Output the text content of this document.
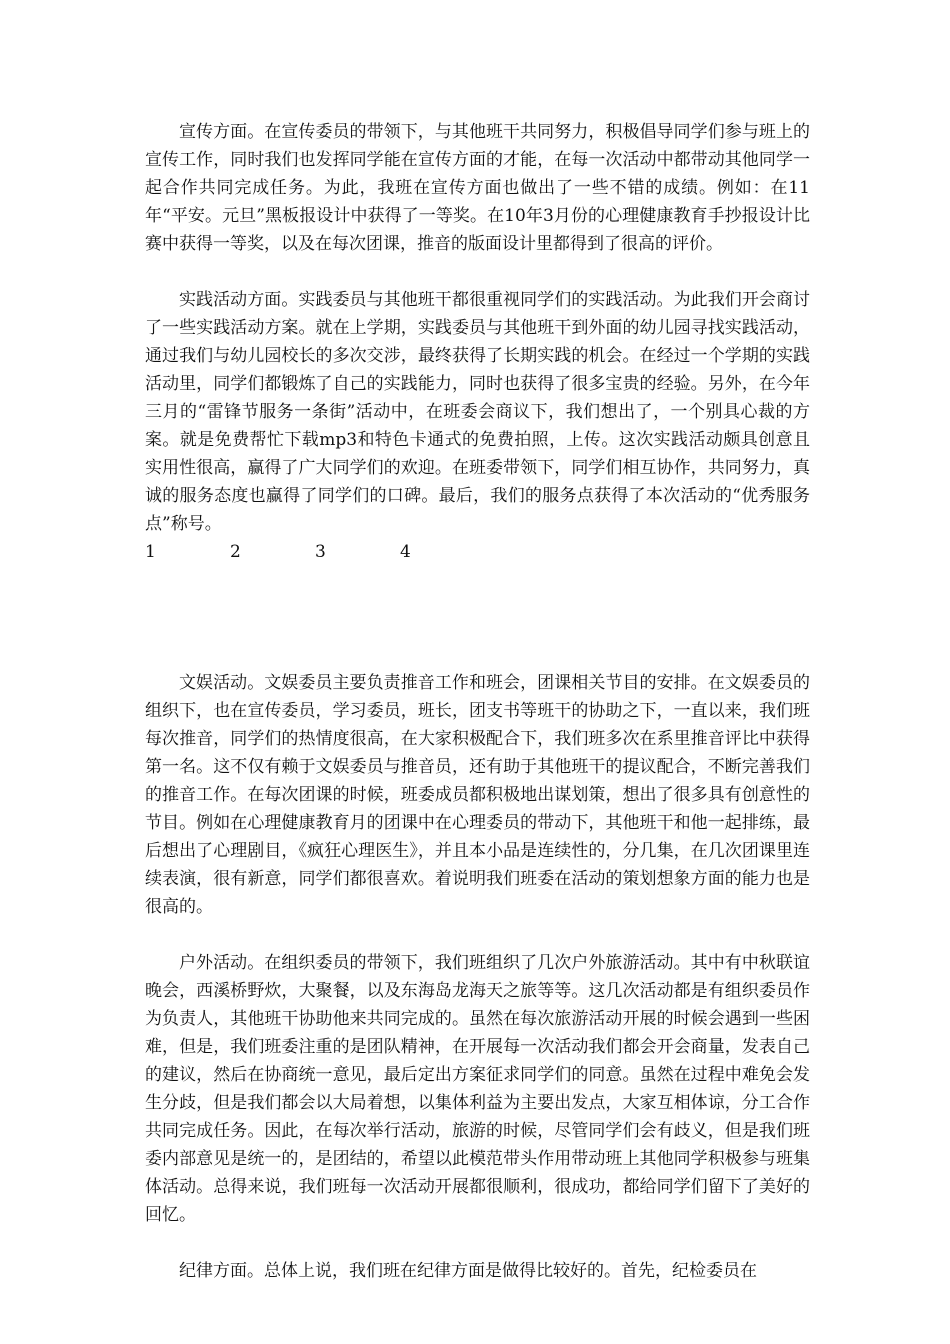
宣传方面。在宣传委员的带领下，与其他班干共同努力，积极倡导同学们参与班上的宣传工作，同时我们也发挥同学能在宣传方面的才能，在每一次活动中都带动其他同学一起合作共同完成任务。为此，我班在宣传方面也做出了一些不错的成绩。例如：在11年“平安。元旦”黑板报设计中获得了一等奖。在10年3月份的心理健康教育手抄报设计比赛中获得一等奖，以及在每次团课，推音的版面设计里都得到了很高的评价。

实践活动方面。实践委员与其他班干都很重视同学们的实践活动。为此我们开会商讨了一些实践活动方案。就在上学期，实践委员与其他班干到外面的幼儿园寻找实践活动，通过我们与幼儿园校长的多次交涉，最终获得了长期实践的机会。在经过一个学期的实践活动里，同学们都锻炼了自己的实践能力，同时也获得了很多宝贵的经验。另外，在今年三月的“雷锋节服务一条街”活动中，在班委会商议下，我们想出了，一个别具心裁的方案。就是免费帮忙下载mp3和特色卡通式的免费拍照，上传。这次实践活动颇具创意且实用性很高，赢得了广大同学们的欢迎。在班委带领下，同学们相互协作，共同努力，真诚的服务态度也赢得了同学们的口碑。最后，我们的服务点获得了本次活动的“优秀服务点”称号。

1	2	3	4

文娱活动。文娱委员主要负责推音工作和班会，团课相关节目的安排。在文娱委员的组织下，也在宣传委员，学习委员，班长，团支书等班干的协助之下，一直以来，我们班每次推音，同学们的热情度很高，在大家积极配合下，我们班多次在系里推音评比中获得第一名。这不仅有赖于文娱委员与推音员，还有助于其他班干的提议配合，不断完善我们的推音工作。在每次团课的时候，班委成员都积极地出谋划策，想出了很多具有创意性的节目。例如在心理健康教育月的团课中在心理委员的带动下，其他班干和他一起排练，最后想出了心理剧目，《疯狂心理医生》，并且本小品是连续性的，分几集，在几次团课里连续表演，很有新意，同学们都很喜欢。着说明我们班委在活动的策划想象方面的能力也是很高的。

户外活动。在组织委员的带领下，我们班组织了几次户外旅游活动。其中有中秋联谊晚会，西溪桥野炊，大聚餐，以及东海岛龙海天之旅等等。这几次活动都是有组织委员作为负责人，其他班干协助他来共同完成的。虽然在每次旅游活动开展的时候会遇到一些困难，但是，我们班委注重的是团队精神，在开展每一次活动我们都会开会商量，发表自己的建议，然后在协商统一意见，最后定出方案征求同学们的同意。虽然在过程中难免会发生分歧，但是我们都会以大局着想，以集体利益为主要出发点，大家互相体谅，分工合作共同完成任务。因此，在每次举行活动，旅游的时候，尽管同学们会有歧义，但是我们班委内部意见是统一的，是团结的，希望以此模范带头作用带动班上其他同学积极参与班集体活动。总得来说，我们班每一次活动开展都很顺利，很成功，都给同学们留下了美好的回忆。

纪律方面。总体上说，我们班在纪律方面是做得比较好的。首先，纪检委员在
